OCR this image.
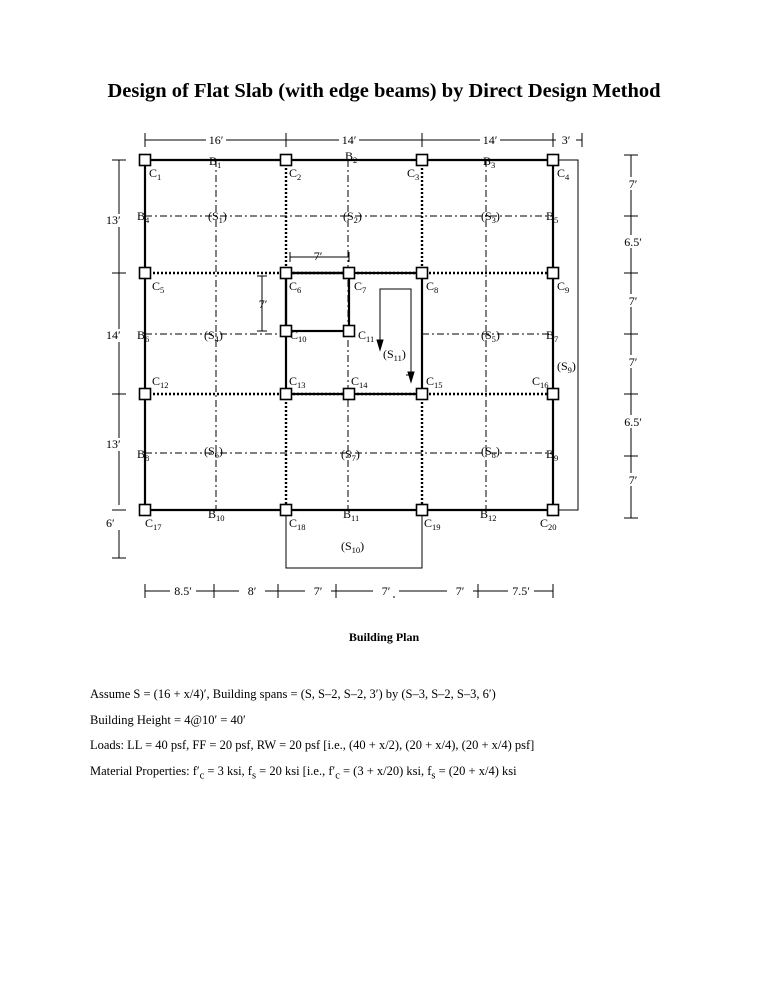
Design of Flat Slab (with edge beams) by Direct Design Method
7′
7′
$C_1$	$C_2$	$C_3$	$C_4$
$C_5$	$C_6$	$C_7$	$C_8$	$C_9$
$C_{10}$	$C_{11}$
$C_{12}$	$C_{13}$	$C_{14}$	$C_{15}$	$C_{16}$
$C_{17}$	$C_{18}$	$C_{19}$	$C_{20}$
$B_1$
$B_2$	$B_3$
$B_4$	$B_5$
$B_6$	$B_7$
$B_8$	$B_9$
$B_{10}$	$B_{11}$	$B_{12}$
$(S_1)$	$(S_2)$	$(S_3)$
$(S_4)$	$(S_5)$
$(S_6)$	$(S_7)$	$(S_8)$
$(S_9)$
$(S_{10})$
$(S_{11})$
16′	14′	14′	3′
8.5′	8′	7′	7′	7′	7.5′
13′
14′
13′
6′
7′
6.5′
7′
7′
6.5′
7′
Building Plan
Assume S = (16 + x/4)′, Building spans = (S, S–2, S–2, 3′) by (S–3, S–2, S–3, 6′)
Building Height = 4@10′ = 40′
Loads: LL = 40 psf, FF = 20 psf, RW = 20 psf [i.e., (40 + x/2), (20 + x/4), (20 + x/4) psf]
Material Properties: $f'_c = 3$ ksi, $f_s = 20$ ksi [i.e., $f'_c = (3 + x/20)$ ksi, $f_s = (20 + x/4)$ ksi
